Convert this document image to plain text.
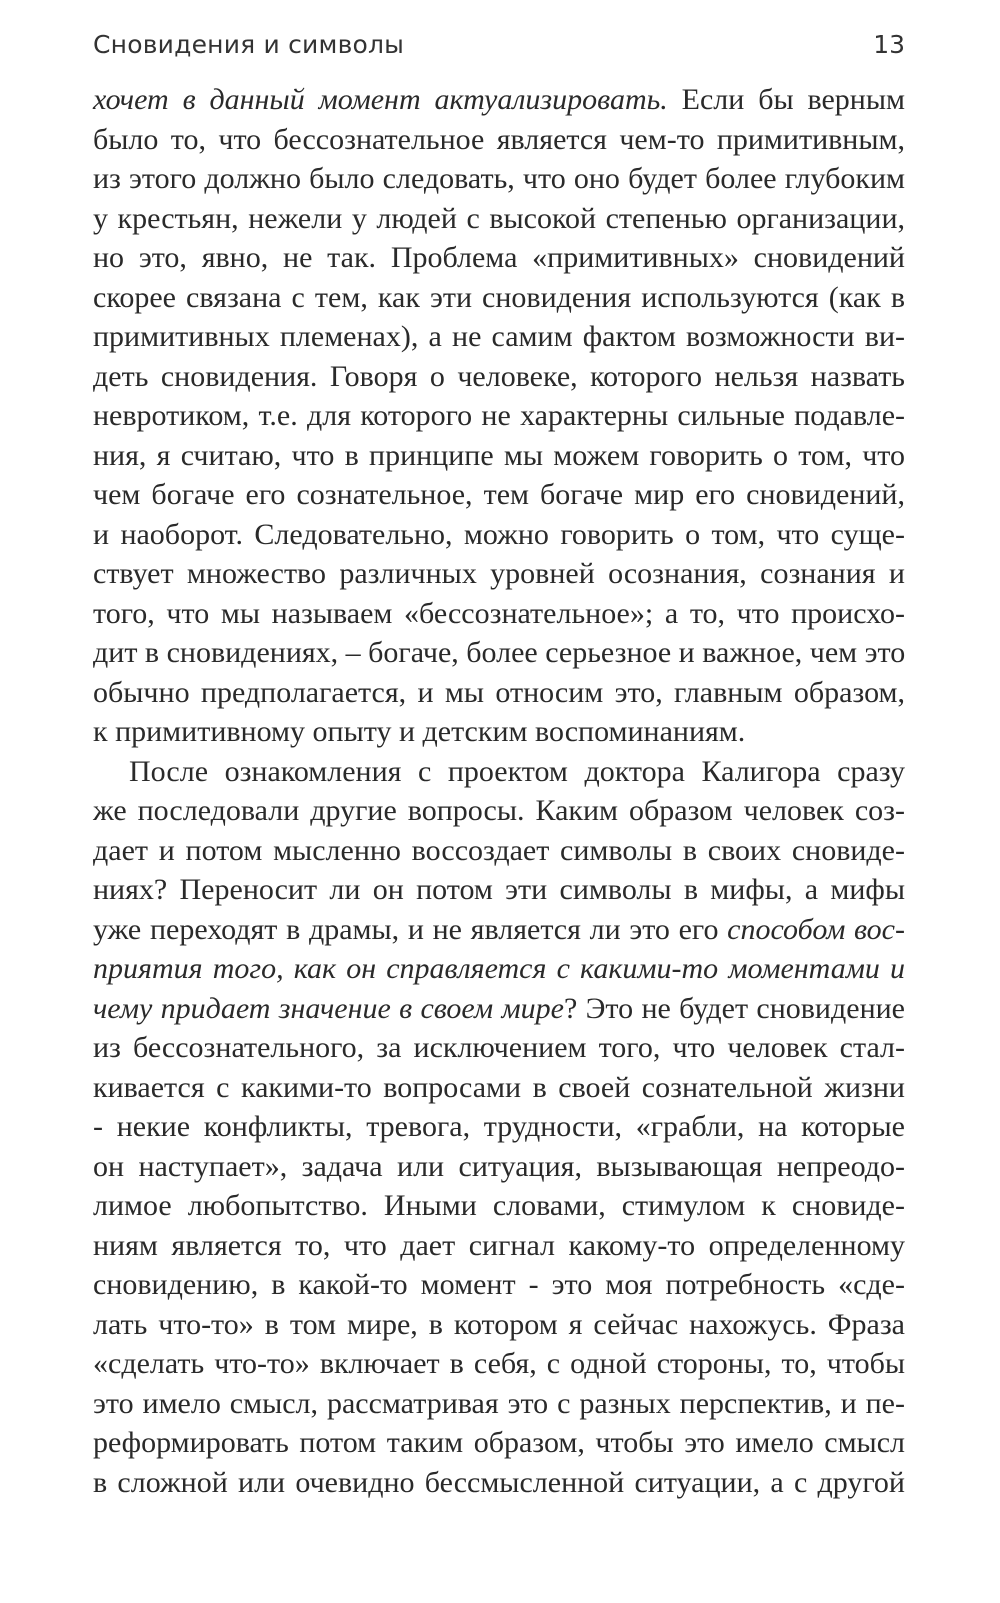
Сновидения и символы	13
хочет в данный момент актуализировать. Если бы верным
было то, что бессознательное является чем-то примитивным,
из этого должно было следовать, что оно будет более глубоким
у крестьян, нежели у людей с высокой степенью организации,
но это, явно, не так. Проблема «примитивных» сновидений
скорее связана с тем, как эти сновидения используются (как в
примитивных племенах), а не самим фактом возможности ви-
деть сновидения. Говоря о человеке, которого нельзя назвать
невротиком, т.е. для которого не характерны сильные подавле-
ния, я считаю, что в принципе мы можем говорить о том, что
чем богаче его сознательное, тем богаче мир его сновидений,
и наоборот. Следовательно, можно говорить о том, что суще-
ствует множество различных уровней осознания, сознания и
того, что мы называем «бессознательное»; а то, что происхо-
дит в сновидениях, – богаче, более серьезное и важное, чем это
обычно предполагается, и мы относим это, главным образом,
к примитивному опыту и детским воспоминаниям.
После ознакомления с проектом доктора Калигора сразу
же последовали другие вопросы. Каким образом человек соз-
дает и потом мысленно воссоздает символы в своих сновиде-
ниях? Переносит ли он потом эти символы в мифы, а мифы
уже переходят в драмы, и не является ли это его способом вос-
приятия того, как он справляется с какими-то моментами и
чему придает значение в своем мире? Это не будет сновидение
из бессознательного, за исключением того, что человек стал-
кивается с какими-то вопросами в своей сознательной жизни
- некие конфликты, тревога, трудности, «грабли, на которые
он наступает», задача или ситуация, вызывающая непреодо-
лимое любопытство. Иными словами, стимулом к сновиде-
ниям является то, что дает сигнал какому-то определенному
сновидению, в какой-то момент - это моя потребность «сде-
лать что-то» в том мире, в котором я сейчас нахожусь. Фраза
«сделать что-то» включает в себя, с одной стороны, то, чтобы
это имело смысл, рассматривая это с разных перспектив, и пе-
реформировать потом таким образом, чтобы это имело смысл
в сложной или очевидно бессмысленной ситуации, а с другой
